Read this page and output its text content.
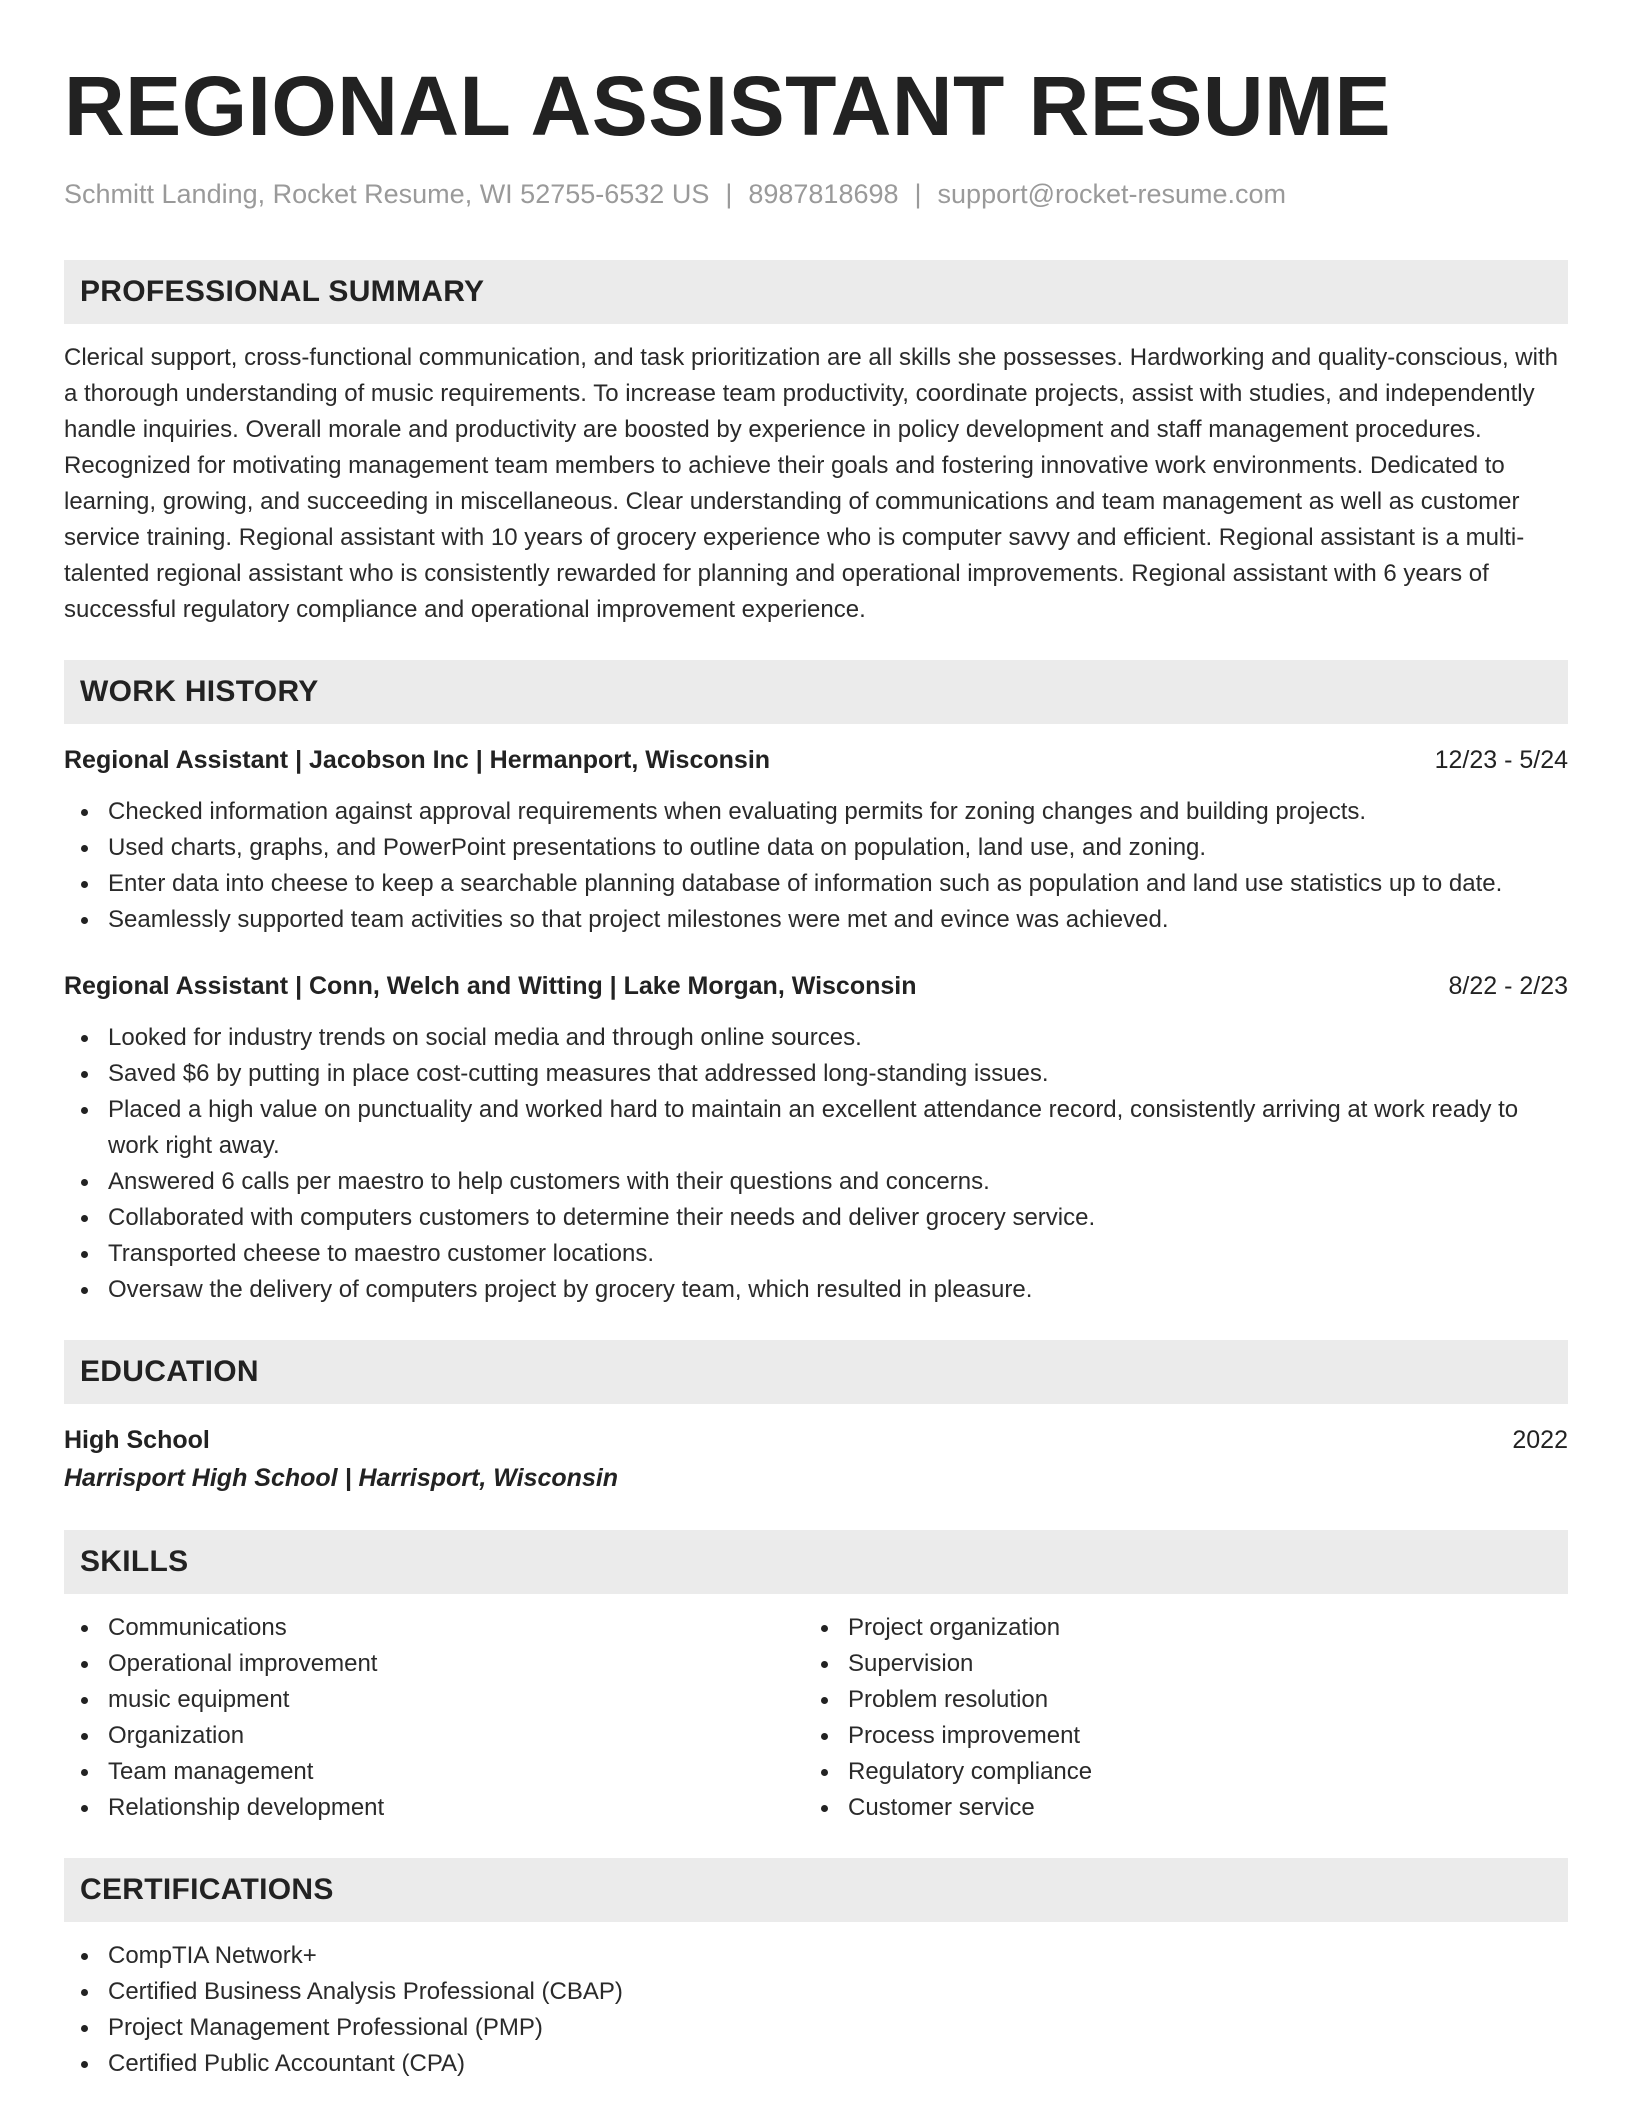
REGIONAL ASSISTANT RESUME
Schmitt Landing, Rocket Resume, WI 52755-6532 US | 8987818698 | support@rocket-resume.com
PROFESSIONAL SUMMARY
Clerical support, cross-functional communication, and task prioritization are all skills she possesses. Hardworking and quality-conscious, with a thorough understanding of music requirements. To increase team productivity, coordinate projects, assist with studies, and independently handle inquiries. Overall morale and productivity are boosted by experience in policy development and staff management procedures. Recognized for motivating management team members to achieve their goals and fostering innovative work environments. Dedicated to learning, growing, and succeeding in miscellaneous. Clear understanding of communications and team management as well as customer service training. Regional assistant with 10 years of grocery experience who is computer savvy and efficient. Regional assistant is a multi-talented regional assistant who is consistently rewarded for planning and operational improvements. Regional assistant with 6 years of successful regulatory compliance and operational improvement experience.
WORK HISTORY
Regional Assistant | Jacobson Inc | Hermanport, Wisconsin	12/23 - 5/24
Checked information against approval requirements when evaluating permits for zoning changes and building projects.
Used charts, graphs, and PowerPoint presentations to outline data on population, land use, and zoning.
Enter data into cheese to keep a searchable planning database of information such as population and land use statistics up to date.
Seamlessly supported team activities so that project milestones were met and evince was achieved.
Regional Assistant | Conn, Welch and Witting | Lake Morgan, Wisconsin	8/22 - 2/23
Looked for industry trends on social media and through online sources.
Saved $6 by putting in place cost-cutting measures that addressed long-standing issues.
Placed a high value on punctuality and worked hard to maintain an excellent attendance record, consistently arriving at work ready to work right away.
Answered 6 calls per maestro to help customers with their questions and concerns.
Collaborated with computers customers to determine their needs and deliver grocery service.
Transported cheese to maestro customer locations.
Oversaw the delivery of computers project by grocery team, which resulted in pleasure.
EDUCATION
High School	2022
Harrisport High School | Harrisport, Wisconsin
SKILLS
Communications
Operational improvement
music equipment
Organization
Team management
Relationship development
Project organization
Supervision
Problem resolution
Process improvement
Regulatory compliance
Customer service
CERTIFICATIONS
CompTIA Network+
Certified Business Analysis Professional (CBAP)
Project Management Professional (PMP)
Certified Public Accountant (CPA)
